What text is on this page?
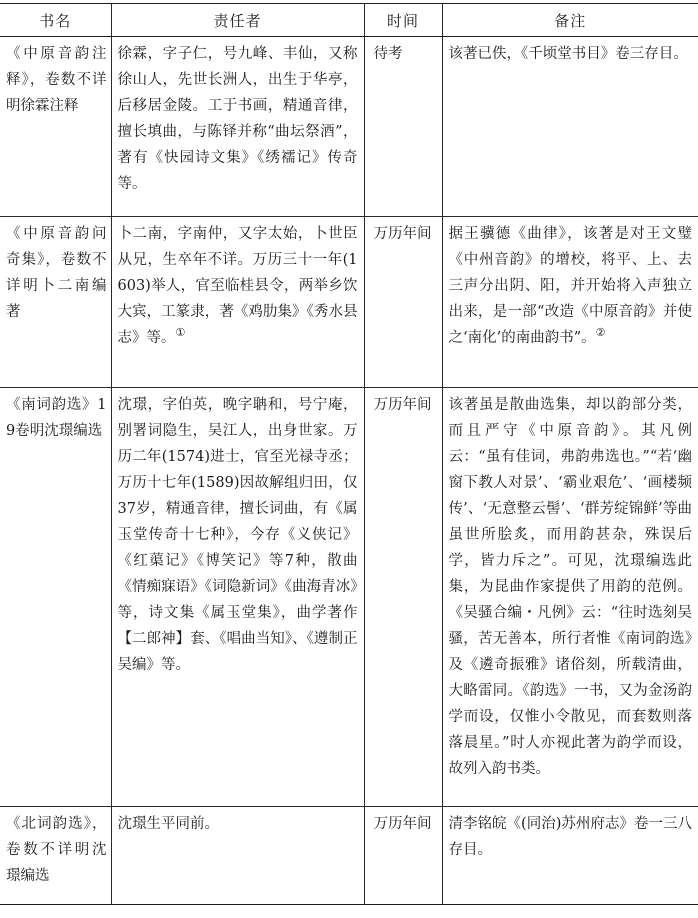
书名	责任者	时间	备注

《中原音韵注释》，卷数不详明徐霖注释	徐霖，字子仁，号九峰、丰仙，又称徐山人，先世长洲人，出生于华亭，后移居金陵。工于书画，精通音律，擅长填曲，与陈铎并称“曲坛祭酒”，著有《快园诗文集》《绣襦记》传奇等。	待考	该著已佚，《千顷堂书目》卷三存目。

《中原音韵问奇集》，卷数不详明卜二南编著	卜二南，字南仲，又字太始，卜世臣从兄，生卒年不详。万历三十一年(1603)举人，官至临桂县令，两举乡饮大宾，工篆隶，著《鸡肋集》《秀水县志》等。①	万历年间	据王骥德《曲律》，该著是对王文璧《中州音韵》的增校，将平、上、去三声分出阴、阳，并开始将入声独立出来，是一部“改造《中原音韵》并使之‘南化’的南曲韵书”。②

《南词韵选》19卷明沈璟编选	沈璟，字伯英，晚字聃和，号宁庵，别署词隐生，吴江人，出身世家。万历二年(1574)进士，官至光禄寺丞；万历十七年(1589)因故解组归田，仅37岁，精通音律，擅长词曲，有《属玉堂传奇十七种》，今存《义侠记》《红蕖记》《博笑记》等7种，散曲《情痴寐语》《词隐新词》《曲海青冰》等，诗文集《属玉堂集》，曲学著作【二郎神】套、《唱曲当知》、《遵制正吴编》等。	万历年间	该著虽是散曲选集，却以韵部分类，而且严守《中原音韵》。其凡例云：“虽有佳词，弗韵弗选也。”“若‘幽窗下教人对景’、‘霸业艰危’、‘画楼频传’、‘无意整云髻’、‘群芳绽锦鲜’等曲虽世所脍炙，而用韵甚杂，殊误后学，皆力斥之”。可见，沈璟编选此集，为昆曲作家提供了用韵的范例。《吴骚合编・凡例》云：“往时选刻吴骚，苦无善本，所行者惟《南词韵选》及《遴奇振雅》诸俗刻，所载清曲，大略雷同。《韵选》一书，又为金汤韵学而设，仅惟小令散见，而套数则落落晨星。”时人亦视此著为韵学而设，故列入韵书类。

《北词韵选》，卷数不详明沈璟编选	沈璟生平同前。	万历年间	清李铭皖《(同治)苏州府志》卷一三八存目。
